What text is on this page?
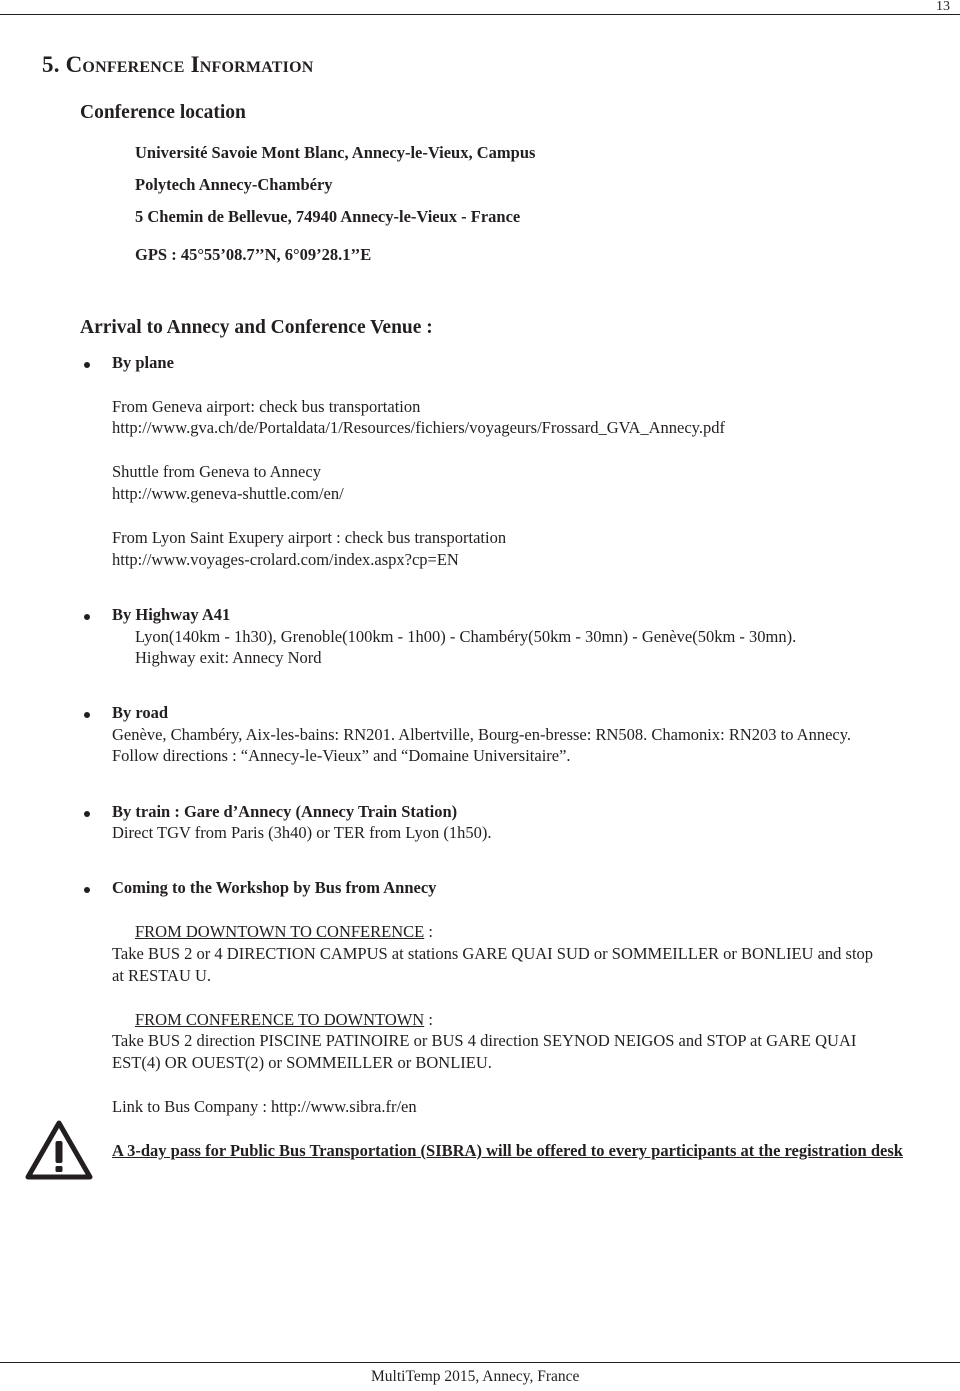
13
5. Conference Information
Conference location
Université Savoie Mont Blanc, Annecy-le-Vieux, Campus
Polytech Annecy-Chambéry
5 Chemin de Bellevue, 74940 Annecy-le-Vieux - France
GPS : 45°55’08.7’’N, 6°09’28.1’’E
Arrival to Annecy and Conference Venue :
By plane
From Geneva airport: check bus transportation
http://www.gva.ch/de/Portaldata/1/Resources/fichiers/voyageurs/Frossard_GVA_Annecy.pdf
Shuttle from Geneva to Annecy
http://www.geneva-shuttle.com/en/
From Lyon Saint Exupery airport : check bus transportation
http://www.voyages-crolard.com/index.aspx?cp=EN
By Highway A41
Lyon(140km - 1h30), Grenoble(100km - 1h00) - Chambéry(50km - 30mn) - Genève(50km - 30mn).
Highway exit: Annecy Nord
By road
Genève, Chambéry, Aix-les-bains: RN201. Albertville, Bourg-en-bresse: RN508. Chamonix: RN203 to Annecy.
Follow directions : “Annecy-le-Vieux” and “Domaine Universitaire”.
By train : Gare d’Annecy (Annecy Train Station)
Direct TGV from Paris (3h40) or TER from Lyon (1h50).
Coming to the Workshop by Bus from Annecy
FROM DOWNTOWN TO CONFERENCE :
Take BUS 2 or 4 DIRECTION CAMPUS at stations GARE QUAI SUD or SOMMEILLER or BONLIEU and stop
at RESTAU U.
FROM CONFERENCE TO DOWNTOWN :
Take BUS 2 direction PISCINE PATINOIRE or BUS 4 direction SEYNOD NEIGOS and STOP at GARE QUAI
EST(4) OR OUEST(2) or SOMMEILLER or BONLIEU.
Link to Bus Company : http://www.sibra.fr/en
A 3-day pass for Public Bus Transportation (SIBRA) will be offered to every participants at the registration desk
MultiTemp 2015, Annecy, France
